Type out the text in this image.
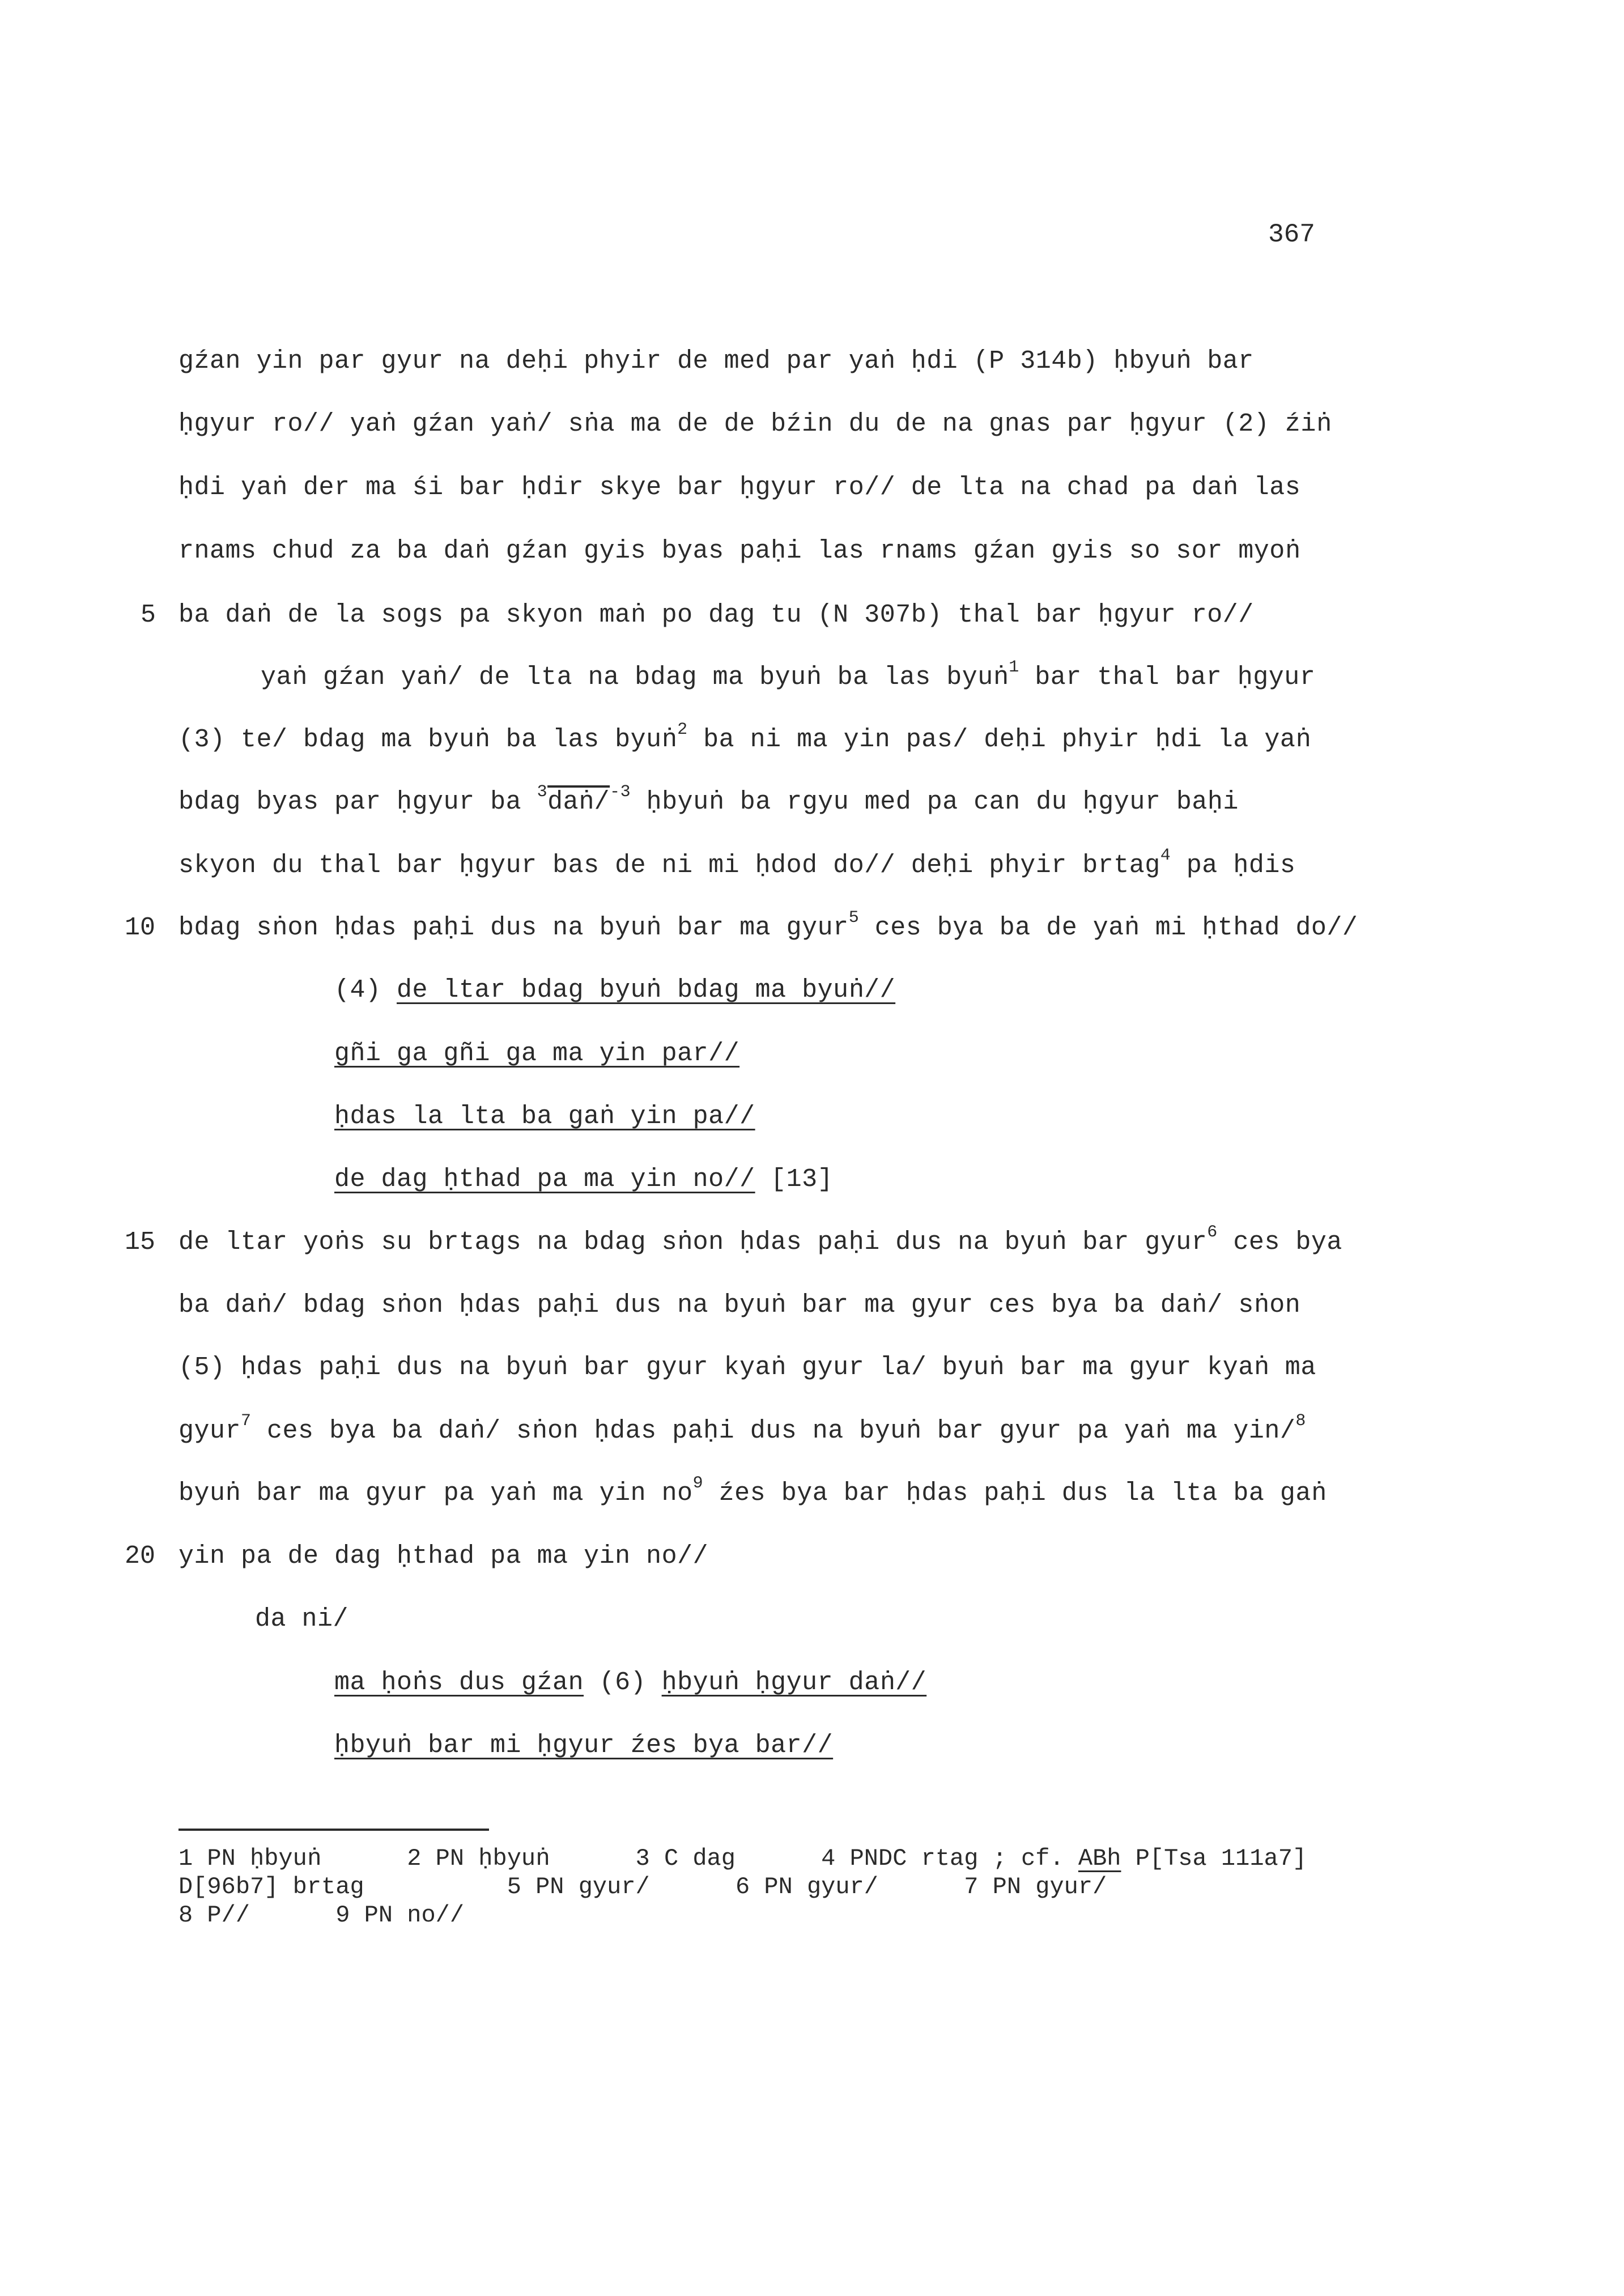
367
gźan yin par gyur na deḥi phyir de med par yaṅ ḥdi (P 314b) ḥbyuṅ bar
ḥgyur ro// yaṅ gźan yaṅ/ sṅa ma de de bźin du de na gnas par ḥgyur (2) źiṅ
ḥdi yaṅ der ma śi bar ḥdir skye bar ḥgyur ro// de lta na chad pa daṅ las
rnams chud za ba daṅ gźan gyis byas paḥi las rnams gźan gyis so sor myoṅ
5 ba daṅ de la sogs pa skyon maṅ po dag tu (N 307b) thal bar ḥgyur ro//
yaṅ gźan yaṅ/ de lta na bdag ma byuṅ ba las byuṅ$^1$ bar thal bar ḥgyur
(3) te/ bdag ma byuṅ ba las byuṅ$^2$ ba ni ma yin pas/ deḥi phyir ḥdi la yaṅ
bdag byas par ḥgyur ba $^3$daṅ/$^{-3}$ ḥbyuṅ ba rgyu med pa can du ḥgyur baḥi
skyon du thal bar ḥgyur bas de ni mi ḥdod do// deḥi phyir brtag$^4$ pa ḥdis
10 bdag sṅon ḥdas paḥi dus na byuṅ bar ma gyur$^5$ ces bya ba de yaṅ mi ḥthad do//
(4) de ltar bdag byuṅ bdag ma byuṅ//
gñi ga gñi ga ma yin par//
ḥdas la lta ba gaṅ yin pa//
de dag ḥthad pa ma yin no// [13]
15 de ltar yoṅs su brtags na bdag sṅon ḥdas paḥi dus na byuṅ bar gyur$^6$ ces bya
ba daṅ/ bdag sṅon ḥdas paḥi dus na byuṅ bar ma gyur ces bya ba daṅ/ sṅon
(5) ḥdas paḥi dus na byuṅ bar gyur kyaṅ gyur la/ byuṅ bar ma gyur kyaṅ ma
gyur$^7$ ces bya ba daṅ/ sṅon ḥdas paḥi dus na byuṅ bar gyur pa yaṅ ma yin/$^8$
byuṅ bar ma gyur pa yaṅ ma yin $no^9$ źes bya bar ḥdas paḥi dus la lta ba gaṅ
20 yin pa de dag ḥthad pa ma yin no//
da ni/
ma ḥoṅs dus gźan (6) ḥbyuṅ ḥgyur daṅ//
ḥbyuṅ bar mi ḥgyur źes bya bar//
1 PN ḥbyuṅ      2 PN ḥbyuṅ      3 C dag      4 PNDC rtag ; cf. ABh P[Tsa 111a7]
D[96b7] brtag          5 PN gyur/      6 PN gyur/      7 PN gyur/
8 P//      9 PN no//
